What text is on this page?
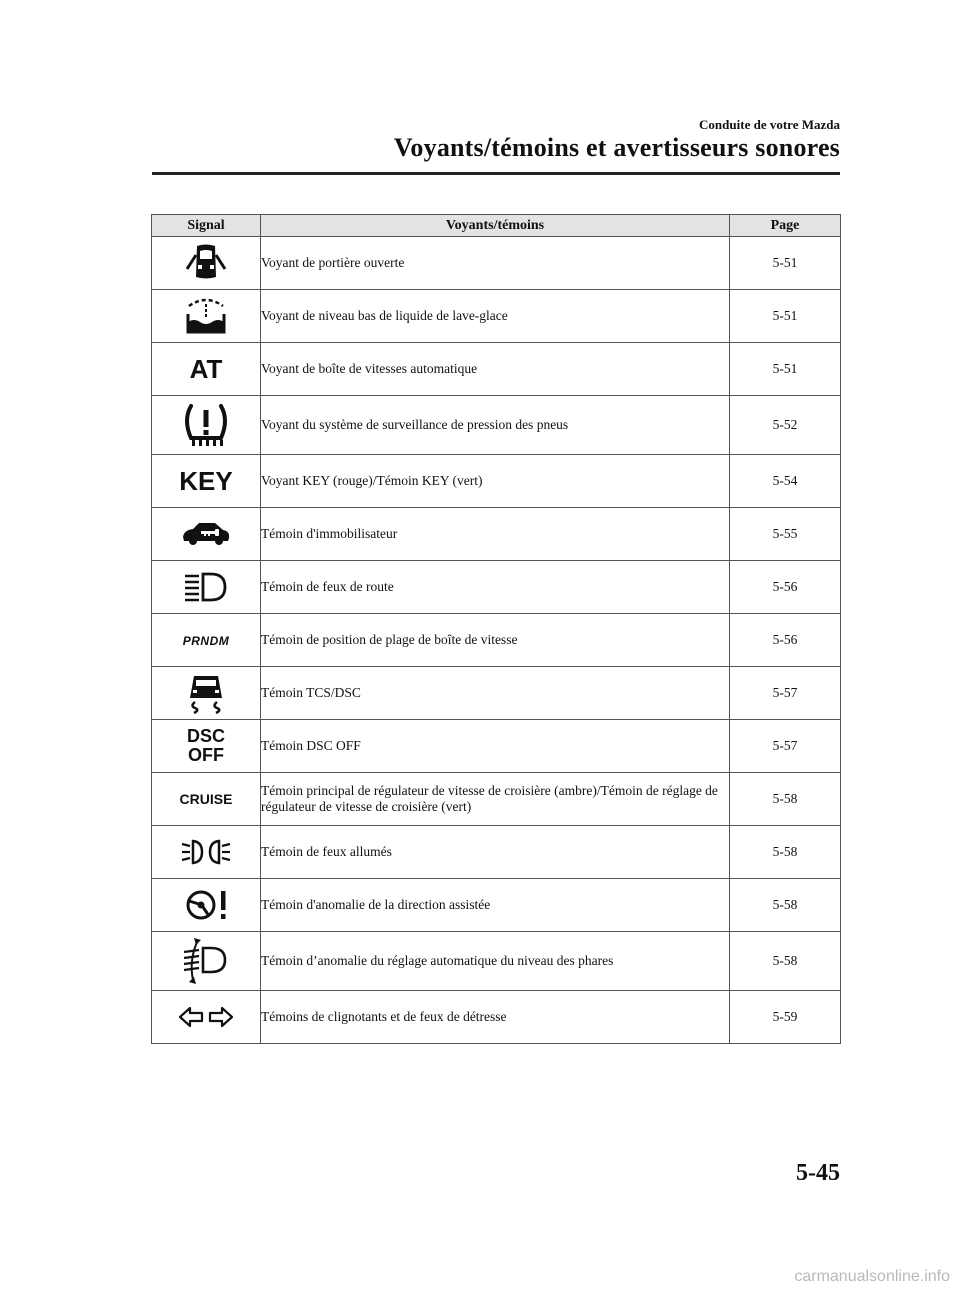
Conduite de votre Mazda
Voyants/témoins et avertisseurs sonores
Signal	Voyants/témoins	Page
	Voyant de portière ouverte	5-51
	Voyant de niveau bas de liquide de lave-glace	5-51
AT	Voyant de boîte de vitesses automatique	5-51
	Voyant du système de surveillance de pression des pneus	5-52
KEY	Voyant KEY (rouge)/Témoin KEY (vert)	5-54
	Témoin d'immobilisateur	5-55
	Témoin de feux de route	5-56
PRNDM	Témoin de position de plage de boîte de vitesse	5-56
	Témoin TCS/DSC	5-57
DSC
OFF	Témoin DSC OFF	5-57
CRUISE	Témoin principal de régulateur de vitesse de croisière (ambre)/Témoin de réglage de régulateur de vitesse de croisière (vert)	5-58
	Témoin de feux allumés	5-58
	Témoin d'anomalie de la direction assistée	5-58
	Témoin d’anomalie du réglage automatique du niveau des phares	5-58
	Témoins de clignotants et de feux de détresse	5-59
5-45
carmanualsonline.info
